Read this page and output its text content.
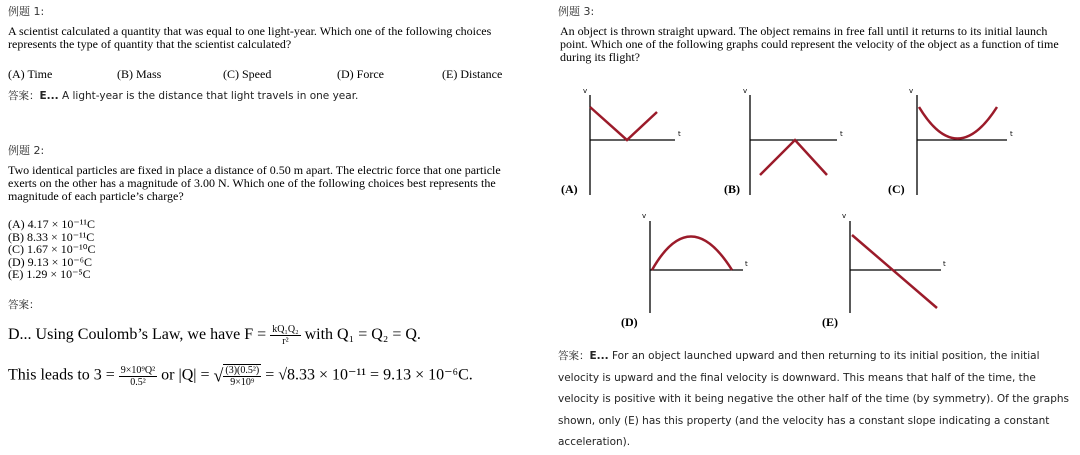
例题 1:
A scientist calculated a quantity that was equal to one light-year. Which one of the following choices represents the type of quantity that the scientist calculated?
(A) Time	(B) Mass	(C) Speed	(D) Force	(E) Distance
答案：E... A light-year is the distance that light travels in one year.
例题 2:
Two identical particles are fixed in place a distance of 0.50 m apart. The electric force that one particle exerts on the other has a magnitude of 3.00 N. Which one of the following choices best represents the magnitude of each particle’s charge?
(A) 4.17 × 10⁻¹¹C
(B) 8.33 × 10⁻¹¹C
(C) 1.67 × 10⁻¹⁰C
(D) 9.13 × 10⁻⁶C
(E) 1.29 × 10⁻⁵C
答案：
D... Using Coulomb’s Law, we have $F = \frac{\text{kQ₁Q₂}}{\text{r²}}$ with Q₁ = Q₂ = Q.
This leads to $3 = \frac{\text{9×10⁹Q²}}{\text{0.5²}}$ or |Q| = √ $\frac{\text{(3)(0.5²)}}{\text{9×10⁹}} = √8.33 \times 10^{-11} = 9.13 \times 10^{-6}C$.
例题 3:
An object is thrown straight upward. The object remains in free fall until it returns to its initial launch point. Which one of the following graphs could represent the velocity of the object as a function of time during its flight?
v
t
(A)
v
t
(B)
v
t
(C)
v
t
(D)
v
t
(E)
答案：E... For an object launched upward and then returning to its initial position, the initial velocity is upward and the final velocity is downward. This means that half of the time, the velocity is positive with it being negative the other half of the time (by symmetry). Of the graphs shown, only (E) has this property (and the velocity has a constant slope indicating a constant acceleration).
